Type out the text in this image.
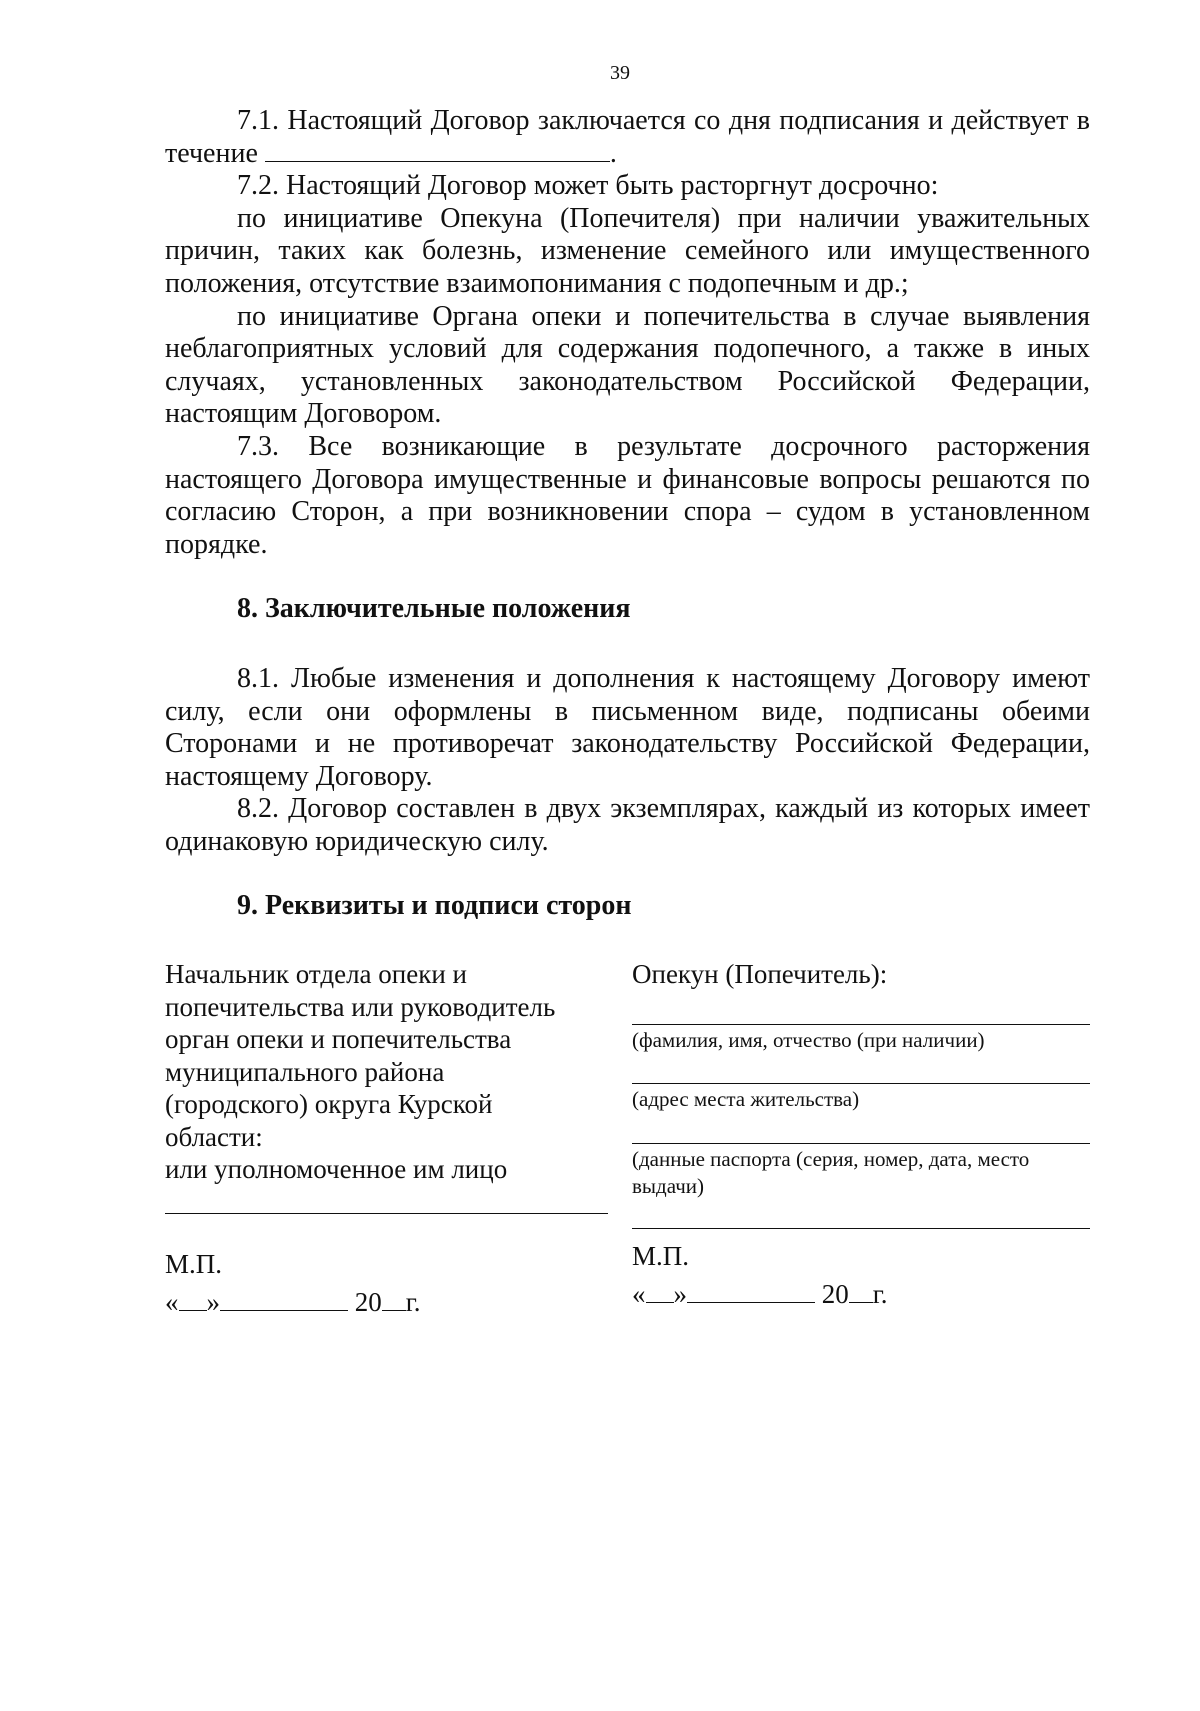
39

7.1. Настоящий Договор заключается со дня подписания и действует в течение	.

7.2. Настоящий Договор может быть расторгнут досрочно:

по инициативе Опекуна (Попечителя) при наличии уважительных причин, таких как болезнь, изменение семейного или имущественного положения, отсутствие взаимопонимания с подопечным и др.;

по инициативе Органа опеки и попечительства в случае выявления неблагоприятных условий для содержания подопечного, а также в иных случаях, установленных законодательством Российской Федерации, настоящим Договором.

7.3. Все возникающие в результате досрочного расторжения настоящего Договора имущественные и финансовые вопросы решаются по согласию Сторон, а при возникновении спора – судом в установленном порядке.

8. Заключительные положения

8.1. Любые изменения и дополнения к настоящему Договору имеют силу, если они оформлены в письменном виде, подписаны обеими Сторонами и не противоречат законодательству Российской Федерации, настоящему Договору.

8.2. Договор составлен в двух экземплярах, каждый из которых имеет одинаковую юридическую силу.

9. Реквизиты и подписи сторон
Начальник отдела опеки и
попечительства или руководитель
орган опеки и попечительства
муниципального района
(городского) округа Курской
области:
или уполномоченное им лицо
М.П.
« »	20 г.
Опекун (Попечитель):
(фамилия, имя, отчество (при наличии)
(адрес места жительства)
(данные паспорта (серия, номер, дата, место выдачи)
М.П.
« »	20 г.
